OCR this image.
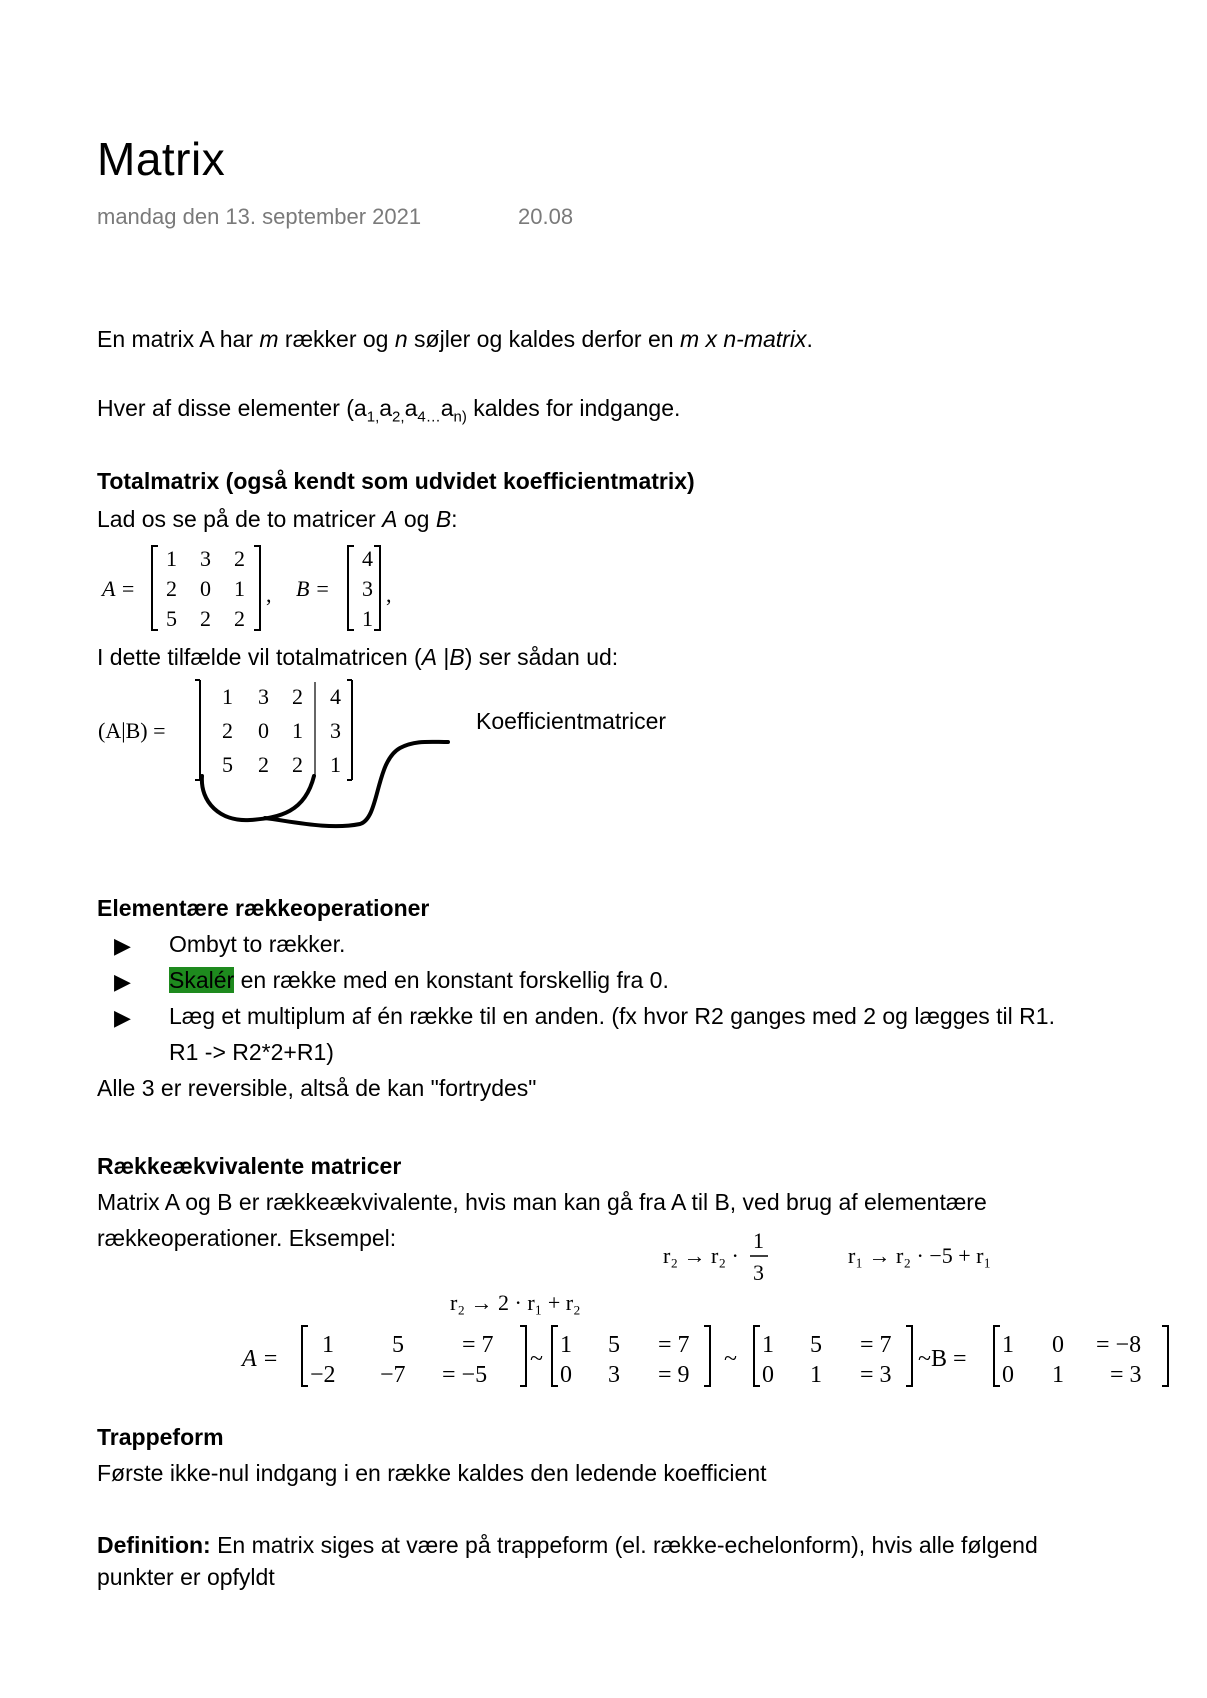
Matrix
mandag den 13. september 2021	20.08
En matrix A har m rækker og n søjler og kaldes derfor en m x n-matrix.
Hver af disse elementer ($a_{1,}a_{2,}a_{4\dots}a_{n)}$ kaldes for indgange.
Totalmatrix (også kendt som udvidet koefficientmatrix)
Lad os se på de to matricer A og B:
A =
1 3 2
2 0 1
5 2 2
, B =
4
3
1
,
I dette tilfælde vil totalmatricen (A |B) ser sådan ud:
(A|B) =
1 3 2
2 0 1
5 2 2
4
3
1
Koefficientmatricer
Elementære rækkeoperationer
▶ Ombyt to rækker.
▶ Skalér en række med en konstant forskellig fra 0.
▶ Læg et multiplum af én række til en anden. (fx hvor R2 ganges med 2 og lægges til R1.
R1 -> R2*2+R1)
Alle 3 er reversible, altså de kan "fortrydes"
Rækkeækvivalente matricer
Matrix A og B er rækkeækvivalente, hvis man kan gå fra A til B, ved brug af elementære
rækkeoperationer. Eksempel:
r₂ → r₂ ·
1
3
r₁ → r₂ · −5 + r₁
r₂ → 2 · r₁ + r₂
A =
1 5 = 7
−2 −7 = −5
~
1 5 = 7
0 3 = 9
~
1 5 = 7
0 1 = 3
~B =
1 0 = −8
0 1 = 3
Trappeform
Første ikke-nul indgang i en række kaldes den ledende koefficient
Definition: En matrix siges at være på trappeform (el. række-echelonform), hvis alle følgend
punkter er opfyldt
